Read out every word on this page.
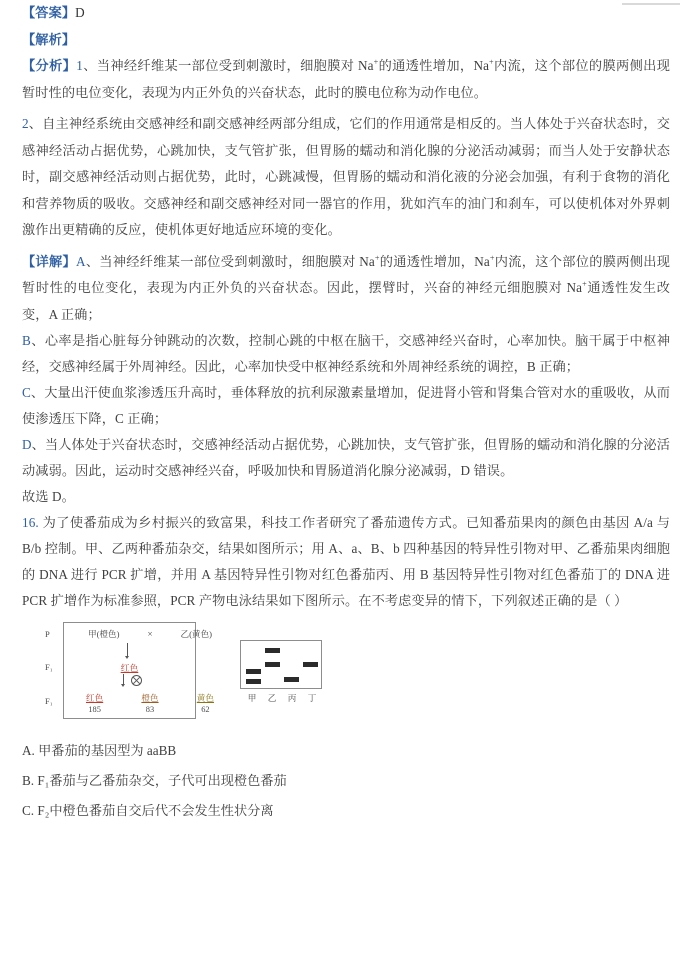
【答案】D

【解析】

【分析】1、当神经纤维某一部位受到刺激时，细胞膜对 Na+的通透性增加，Na+内流，这个部位的膜两侧出现暂时性的电位变化，表现为内正外负的兴奋状态，此时的膜电位称为动作电位。

2、自主神经系统由交感神经和副交感神经两部分组成，它们的作用通常是相反的。当人体处于兴奋状态时，交感神经活动占据优势，心跳加快，支气管扩张，但胃肠的蠕动和消化腺的分泌活动减弱；而当人处于安静状态时，副交感神经活动则占据优势，此时，心跳减慢，但胃肠的蠕动和消化液的分泌会加强，有利于食物的消化和营养物质的吸收。交感神经和副交感神经对同一器官的作用，犹如汽车的油门和刹车，可以使机体对外界刺激作出更精确的反应，使机体更好地适应环境的变化。

【详解】A、当神经纤维某一部位受到刺激时，细胞膜对 Na+的通透性增加，Na+内流，这个部位的膜两侧出现暂时性的电位变化，表现为内正外负的兴奋状态。因此，摆臂时，兴奋的神经元细胞膜对 Na+通透性发生改变，A 正确；

B、心率是指心脏每分钟跳动的次数，控制心跳的中枢在脑干，交感神经兴奋时，心率加快。脑干属于中枢神经，交感神经属于外周神经。因此，心率加快受中枢神经系统和外周神经系统的调控，B 正确；

C、大量出汗使血浆渗透压升高时，垂体释放的抗利尿激素量增加，促进肾小管和肾集合管对水的重吸收，从而使渗透压下降，C 正确；

D、当人体处于兴奋状态时，交感神经活动占据优势，心跳加快，支气管扩张，但胃肠的蠕动和消化腺的分泌活动减弱。因此，运动时交感神经兴奋，呼吸加快和胃肠道消化腺分泌减弱，D 错误。

故选 D。

16. 为了使番茄成为乡村振兴的致富果，科技工作者研究了番茄遗传方式。已知番茄果肉的颜色由基因 A/a 与 B/b 控制。甲、乙两种番茄杂交，结果如图所示；用 A、a、B、b 四种基因的特异性引物对甲、乙番茄果肉细胞的 DNA 进行 PCR 扩增，并用 A 基因特异性引物对红色番茄丙、用 B 基因特异性引物对红色番茄丁的 DNA 进 PCR 扩增作为标准参照，PCR 产物电泳结果如下图所示。在不考虑变异的情下，下列叙述正确的是（ ）

P
F₁
F₁
甲(橙色)	×	乙(黄色)
红色
红色
185
橙色
83
黄色
62
甲 乙 丙 丁
A. 甲番茄的基因型为 aaBB
B. F₁番茄与乙番茄杂交，子代可出现橙色番茄
C. F₂中橙色番茄自交后代不会发生性状分离
